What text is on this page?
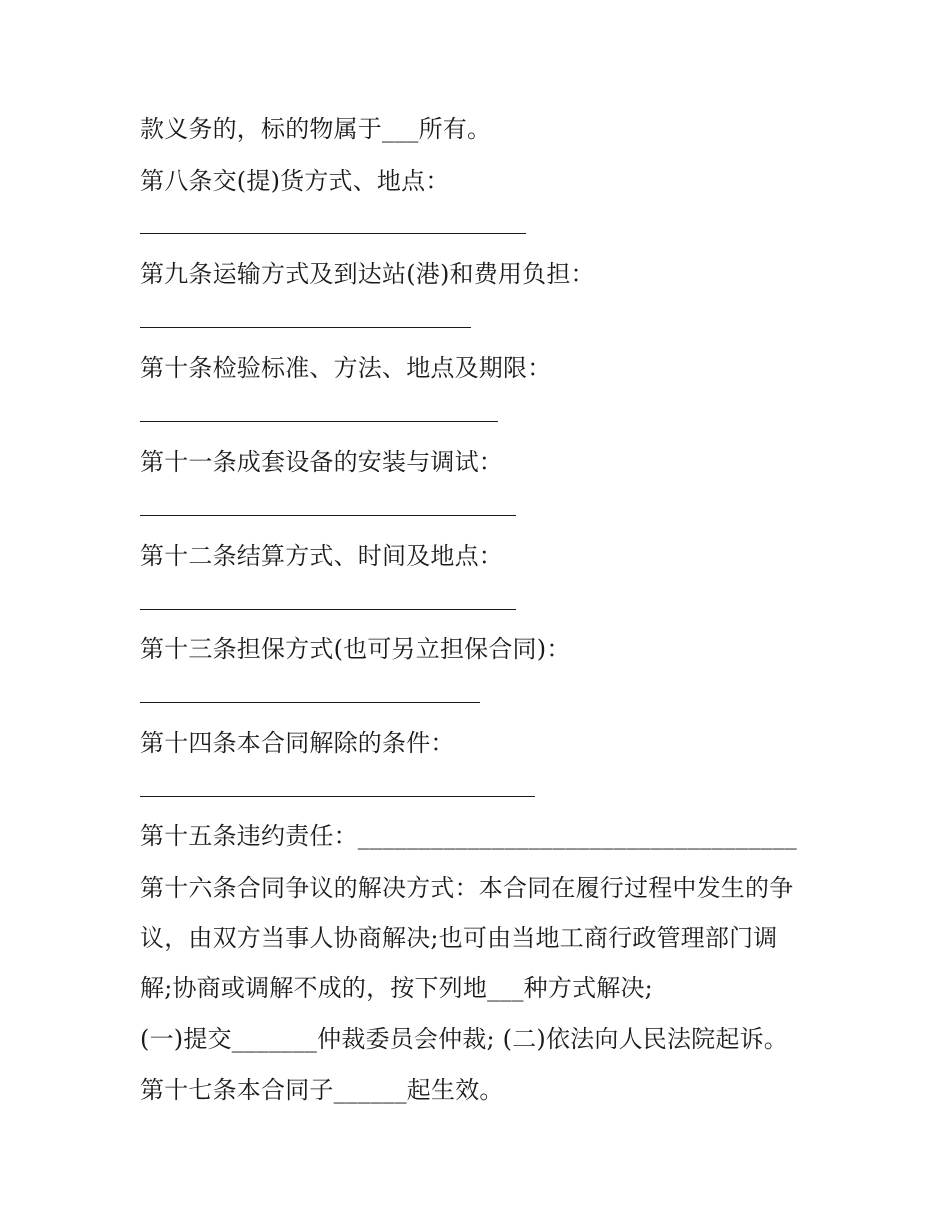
款义务的，标的物属于___所有。
第八条交(提)货方式、地点：
第九条运输方式及到达站(港)和费用负担：
第十条检验标准、方法、地点及期限：
第十一条成套设备的安装与调试：
第十二条结算方式、时间及地点：
第十三条担保方式(也可另立担保合同)：
第十四条本合同解除的条件：
第十五条违约责任：____________________________________
第十六条合同争议的解决方式：本合同在履行过程中发生的争
议，由双方当事人协商解决;也可由当地工商行政管理部门调
解;协商或调解不成的，按下列地___种方式解决;
(一)提交_______仲裁委员会仲裁; (二)依法向人民法院起诉。
第十七条本合同子______起生效。
